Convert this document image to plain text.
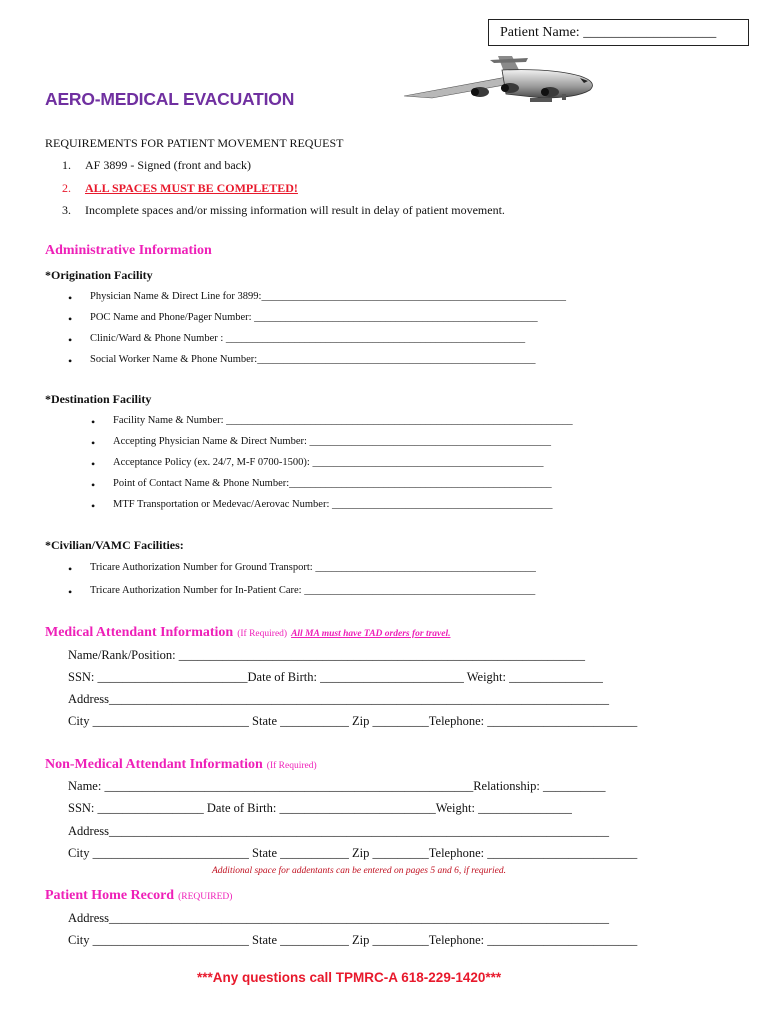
Patient Name: ___________________
AERO-MEDICAL EVACUATION
REQUIREMENTS FOR PATIENT MOVEMENT REQUEST
1. AF 3899 - Signed (front and back)
2. ALL SPACES MUST BE COMPLETED!
3. Incomplete spaces and/or missing information will result in delay of patient movement.
Administrative Information
*Origination Facility
• Physician Name & Direct Line for 3899:__________________________________________________________
• POC Name and Phone/Pager Number: ______________________________________________________
• Clinic/Ward & Phone Number : _________________________________________________________
• Social Worker Name & Phone Number:_____________________________________________________
*Destination Facility
• Facility Name & Number: __________________________________________________________________
• Accepting Physician Name & Direct Number: ______________________________________________
• Acceptance Policy (ex. 24/7, M-F 0700-1500): ____________________________________________
• Point of Contact Name & Phone Number:__________________________________________________
• MTF Transportation or Medevac/Aerovac Number: __________________________________________
*Civilian/VAMC Facilities:
• Tricare Authorization Number for Ground Transport: __________________________________________
• Tricare Authorization Number for In-Patient Care: ____________________________________________
Medical Attendant Information (If Required) All MA must have TAD orders for travel.
Name/Rank/Position: _________________________________________________________________
SSN: ________________________Date of Birth: _______________________ Weight: _______________
Address________________________________________________________________________________
City _________________________ State ___________ Zip _________Telephone: ________________________
Non-Medical Attendant Information (If Required)
Name: ___________________________________________________________Relationship: __________
SSN: _________________ Date of Birth: _________________________Weight: _______________
Address________________________________________________________________________________
City _________________________ State ___________ Zip _________Telephone: ________________________
Additional space for addentants can be entered on pages 5 and 6, if requried.
Patient Home Record (REQUIRED)
Address________________________________________________________________________________
City _________________________ State ___________ Zip _________Telephone: ________________________
***Any questions call TPMRC-A 618-229-1420***
